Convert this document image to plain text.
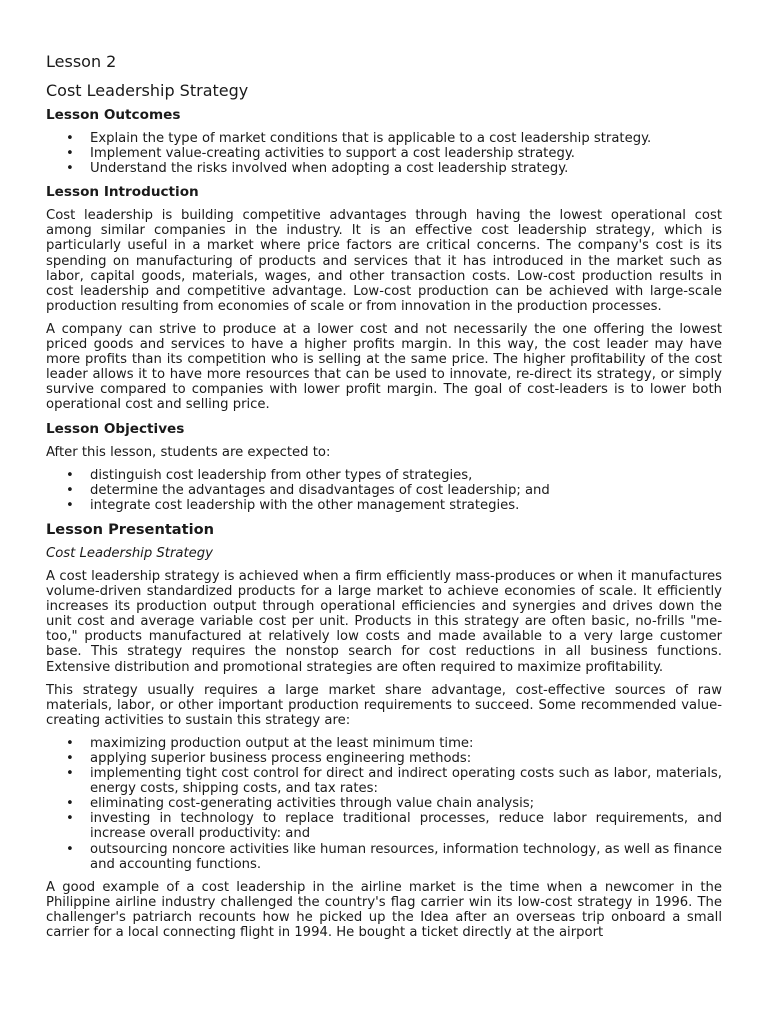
Lesson 2
Cost Leadership Strategy
Lesson Outcomes
• Explain the type of market conditions that is applicable to a cost leadership strategy.
• Implement value-creating activities to support a cost leadership strategy.
• Understand the risks involved when adopting a cost leadership strategy.
Lesson Introduction

Cost leadership is building competitive advantages through having the lowest operational cost among similar companies in the industry. It is an effective cost leadership strategy, which is particularly useful in a market where price factors are critical concerns. The company's cost is its spending on manufacturing of products and services that it has introduced in the market such as labor, capital goods, materials, wages, and other transaction costs. Low-cost production results in cost leadership and competitive advantage. Low-cost production can be achieved with large-scale production resulting from economies of scale or from innovation in the production processes.

A company can strive to produce at a lower cost and not necessarily the one offering the lowest priced goods and services to have a higher profits margin. In this way, the cost leader may have more profits than its competition who is selling at the same price. The higher profitability of the cost leader allows it to have more resources that can be used to innovate, re-direct its strategy, or simply survive compared to companies with lower profit margin. The goal of cost-leaders is to lower both operational cost and selling price.

Lesson Objectives

After this lesson, students are expected to:

• distinguish cost leadership from other types of strategies,
• determine the advantages and disadvantages of cost leadership; and
• integrate cost leadership with the other management strategies.
Lesson Presentation

Cost Leadership Strategy

A cost leadership strategy is achieved when a firm efficiently mass-produces or when it manufactures volume-driven standardized products for a large market to achieve economies of scale. It efficiently increases its production output through operational efficiencies and synergies and drives down the unit cost and average variable cost per unit. Products in this strategy are often basic, no-frills "me-too," products manufactured at relatively low costs and made available to a very large customer base. This strategy requires the nonstop search for cost reductions in all business functions. Extensive distribution and promotional strategies are often required to maximize profitability.

This strategy usually requires a large market share advantage, cost-effective sources of raw materials, labor, or other important production requirements to succeed. Some recommended value-creating activities to sustain this strategy are:

• maximizing production output at the least minimum time:
• applying superior business process engineering methods:
• implementing tight cost control for direct and indirect operating costs such as labor, materials, energy costs, shipping costs, and tax rates:
• eliminating cost-generating activities through value chain analysis;
• investing in technology to replace traditional processes, reduce labor requirements, and increase overall productivity: and
• outsourcing noncore activities like human resources, information technology, as well as finance and accounting functions.

A good example of a cost leadership in the airline market is the time when a newcomer in the Philippine airline industry challenged the country's flag carrier win its low-cost strategy in 1996. The challenger's patriarch recounts how he picked up the Idea after an overseas trip onboard a small carrier for a local connecting flight in 1994. He bought a ticket directly at the airport
